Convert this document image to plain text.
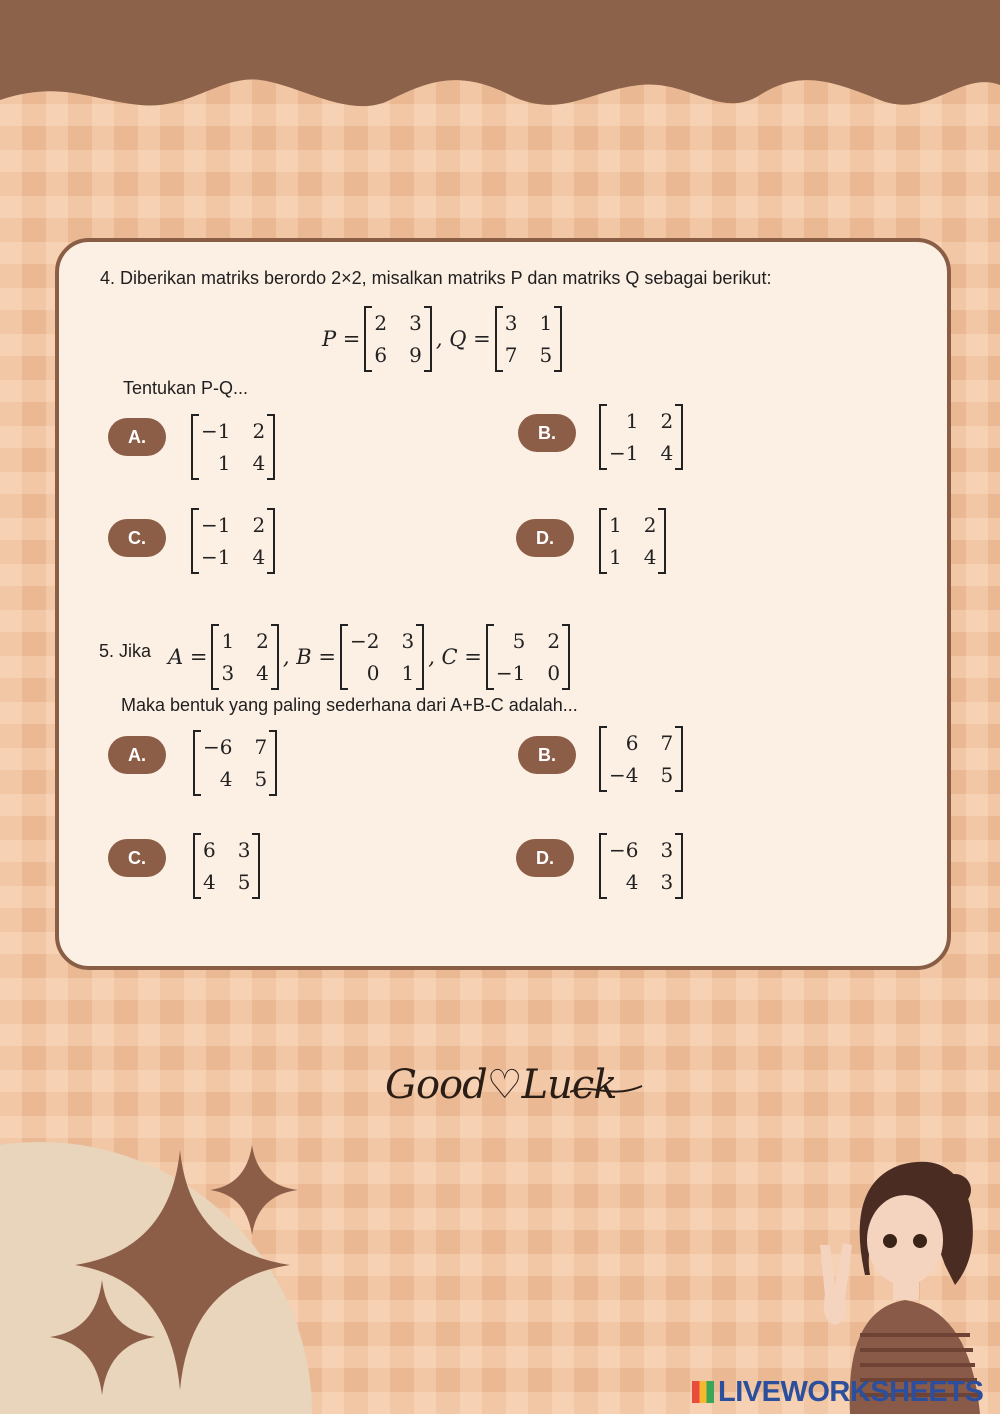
4. Diberikan matriks berordo 2×2, misalkan matriks P dan matriks Q sebagai berikut:
P =
2 3
6 9
, Q =
3 1
7 5
Tentukan P-Q...
A.	−1 2
1 4
B.	1 2
−1 4
C.
−1 2
−1 4
D.
1 2
1 4
5. Jika A =
1 2
3 4
, B =
−2 3
0 1
, C =
5 2
−1 0
Maka bentuk yang paling sederhana dari A+B-C adalah...
A.	−6 7
4 5
B.	6 7
−4 5
C.	6 3
4 5
D.	−6 3
4 3
Good♡Luck
LIVEWORKSHEETS
